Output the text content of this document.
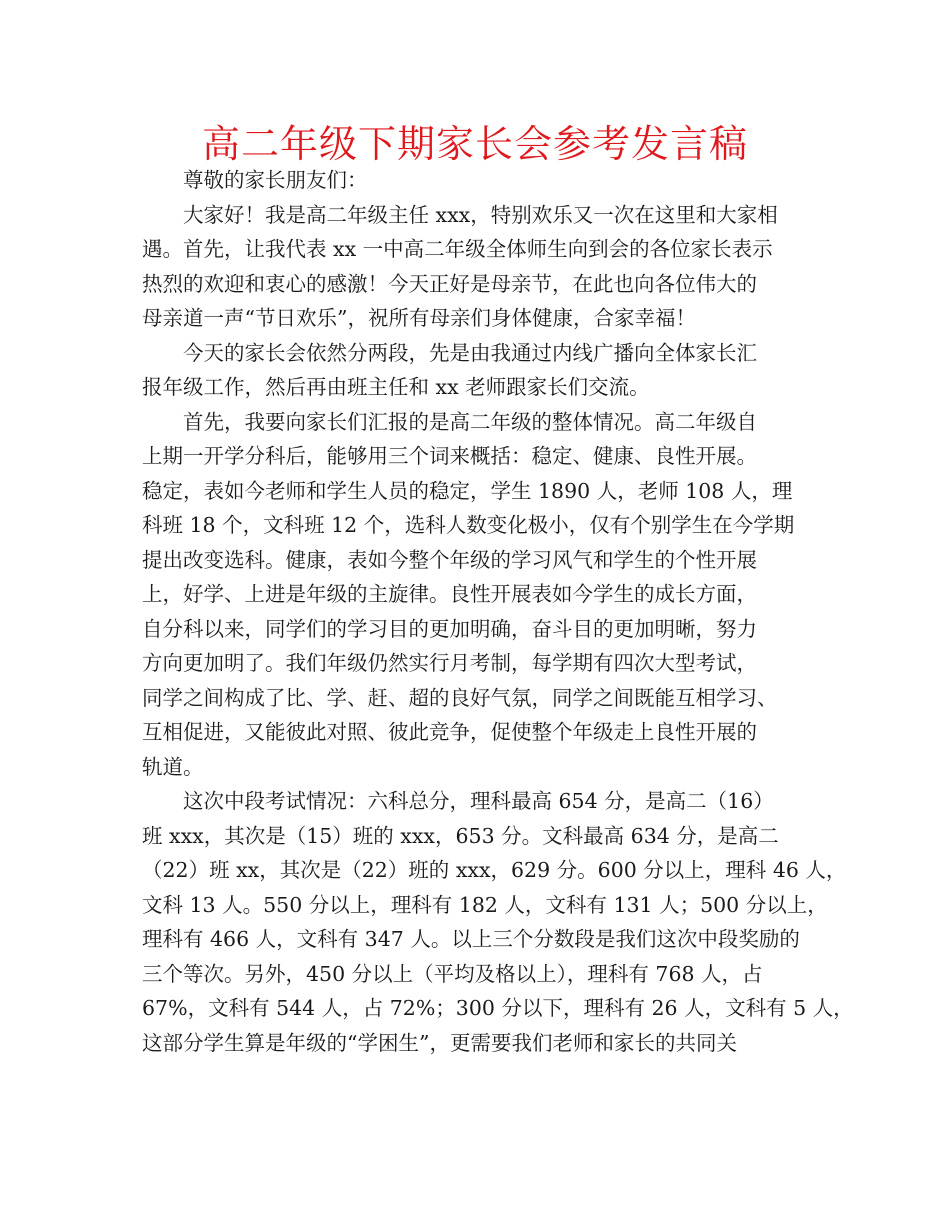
高二年级下期家长会参考发言稿
尊敬的家长朋友们：
大家好！我是高二年级主任 xxx，特别欢乐又一次在这里和大家相
遇。首先，让我代表 xx 一中高二年级全体师生向到会的各位家长表示
热烈的欢迎和衷心的感激！今天正好是母亲节，在此也向各位伟大的
母亲道一声“节日欢乐”，祝所有母亲们身体健康，合家幸福！
今天的家长会依然分两段，先是由我通过内线广播向全体家长汇
报年级工作，然后再由班主任和 xx 老师跟家长们交流。
首先，我要向家长们汇报的是高二年级的整体情况。高二年级自
上期一开学分科后，能够用三个词来概括：稳定、健康、良性开展。
稳定，表如今老师和学生人员的稳定，学生 1890 人，老师 108 人，理
科班 18 个，文科班 12 个，选科人数变化极小，仅有个别学生在今学期
提出改变选科。健康，表如今整个年级的学习风气和学生的个性开展
上，好学、上进是年级的主旋律。良性开展表如今学生的成长方面，
自分科以来，同学们的学习目的更加明确，奋斗目的更加明晰，努力
方向更加明了。我们年级仍然实行月考制，每学期有四次大型考试，
同学之间构成了比、学、赶、超的良好气氛，同学之间既能互相学习、
互相促进，又能彼此对照、彼此竞争，促使整个年级走上良性开展的
轨道。
这次中段考试情况：六科总分，理科最高 654 分，是高二（16）
班 xxx，其次是（15）班的 xxx，653 分。文科最高 634 分，是高二
（22）班 xx，其次是（22）班的 xxx，629 分。600 分以上，理科 46 人，
文科 13 人。550 分以上，理科有 182 人，文科有 131 人；500 分以上，
理科有 466 人，文科有 347 人。以上三个分数段是我们这次中段奖励的
三个等次。另外，450 分以上（平均及格以上），理科有 768 人，占
67%，文科有 544 人，占 72%；300 分以下，理科有 26 人，文科有 5 人，
这部分学生算是年级的“学困生”，更需要我们老师和家长的共同关
